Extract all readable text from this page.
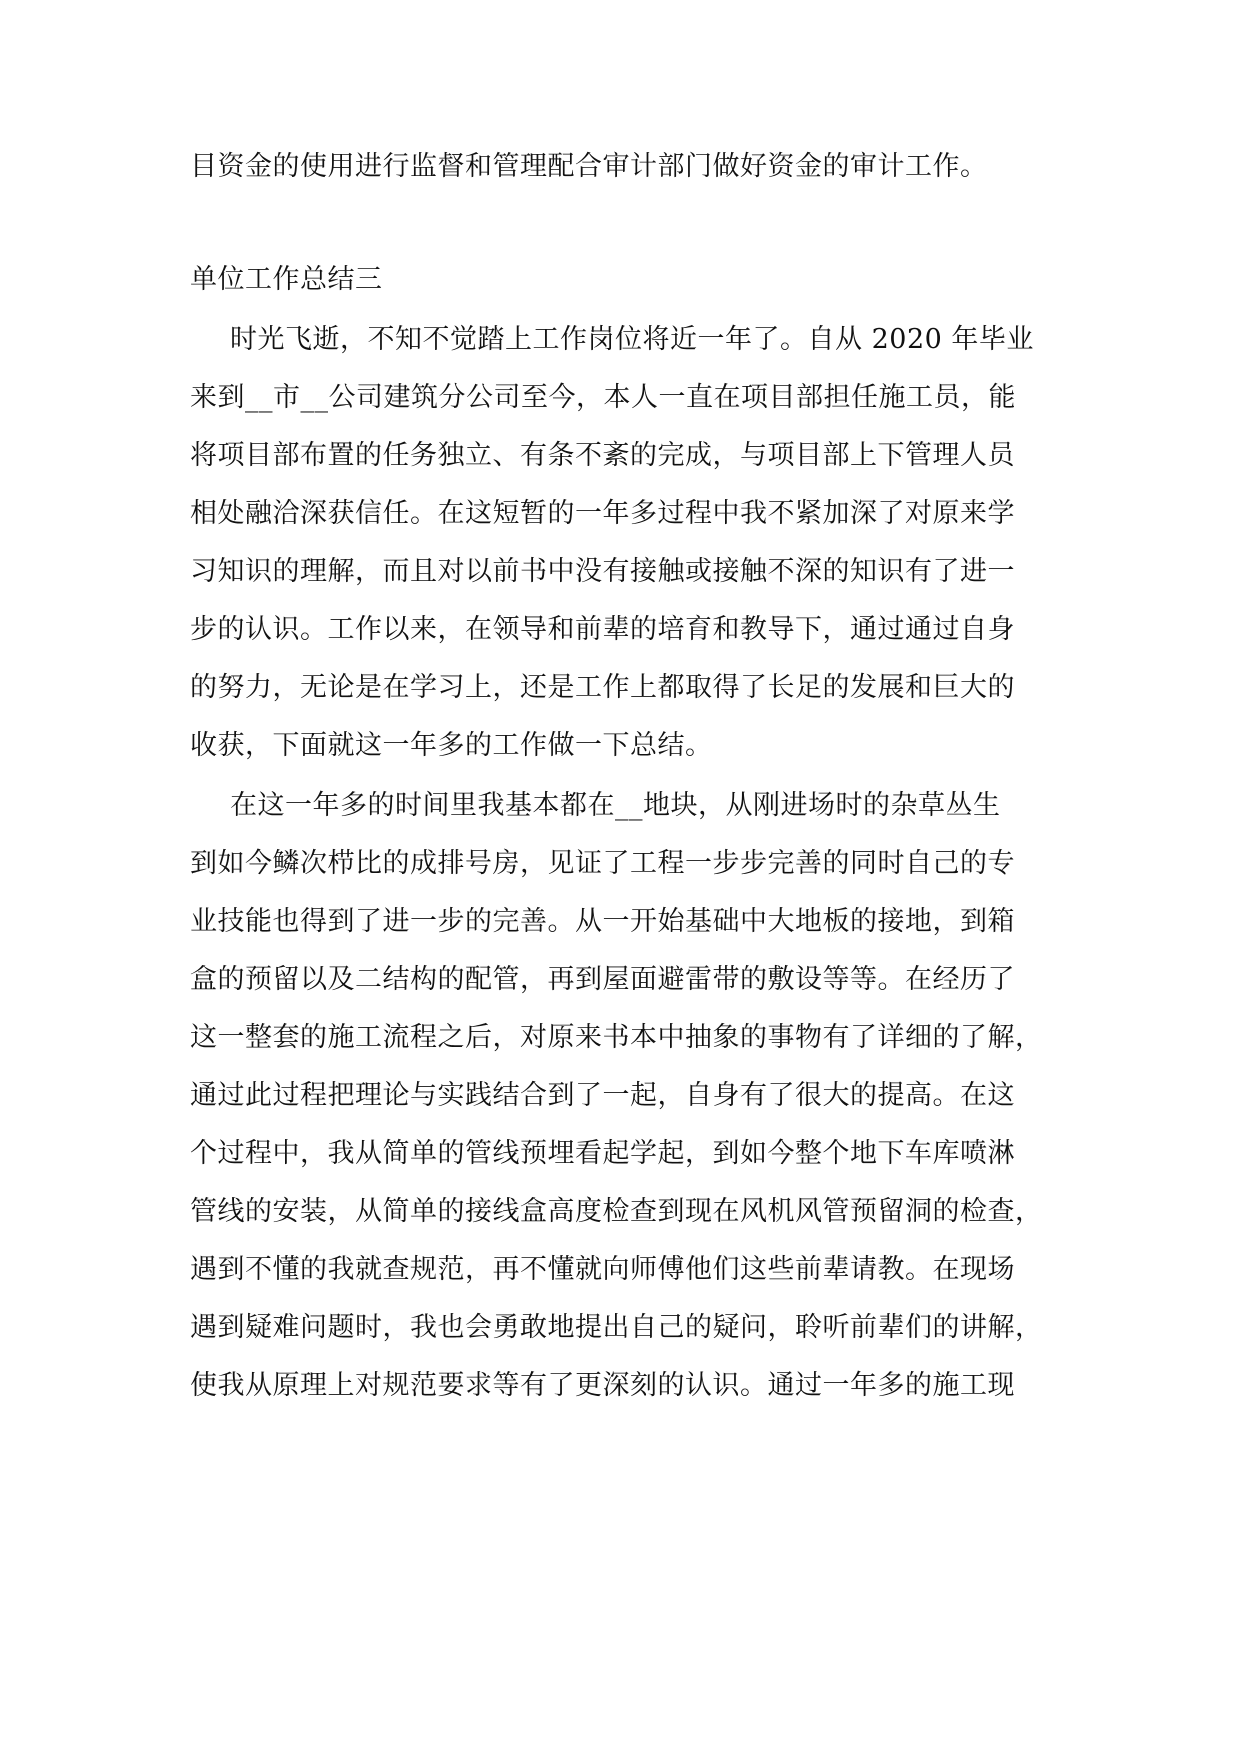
目资金的使用进行监督和管理配合审计部门做好资金的审计工作。
单位工作总结三
时光飞逝，不知不觉踏上工作岗位将近一年了。自从 2020 年毕业
来到__市__公司建筑分公司至今，本人一直在项目部担任施工员，能
将项目部布置的任务独立、有条不紊的完成，与项目部上下管理人员
相处融洽深获信任。在这短暂的一年多过程中我不紧加深了对原来学
习知识的理解，而且对以前书中没有接触或接触不深的知识有了进一
步的认识。工作以来，在领导和前辈的培育和教导下，通过通过自身
的努力，无论是在学习上，还是工作上都取得了长足的发展和巨大的
收获，下面就这一年多的工作做一下总结。
在这一年多的时间里我基本都在__地块，从刚进场时的杂草丛生
到如今鳞次栉比的成排号房，见证了工程一步步完善的同时自己的专
业技能也得到了进一步的完善。从一开始基础中大地板的接地，到箱
盒的预留以及二结构的配管，再到屋面避雷带的敷设等等。在经历了
这一整套的施工流程之后，对原来书本中抽象的事物有了详细的了解，
通过此过程把理论与实践结合到了一起，自身有了很大的提高。在这
个过程中，我从简单的管线预埋看起学起，到如今整个地下车库喷淋
管线的安装，从简单的接线盒高度检查到现在风机风管预留洞的检查，
遇到不懂的我就查规范，再不懂就向师傅他们这些前辈请教。在现场
遇到疑难问题时，我也会勇敢地提出自己的疑问，聆听前辈们的讲解，
使我从原理上对规范要求等有了更深刻的认识。通过一年多的施工现
